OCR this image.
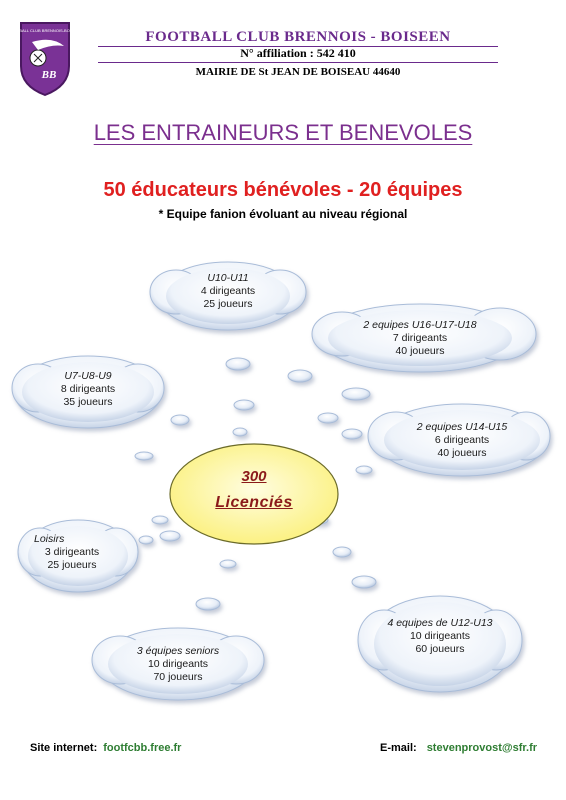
FOOTBALL CLUB BRENNOIS-BOISEEN
BB
FOOTBALL CLUB BRENNOIS - BOISEEN
N° affiliation : 542 410
MAIRIE DE St JEAN DE BOISEAU 44640
LES ENTRAINEURS ET BENEVOLES
50 éducateurs bénévoles - 20 équipes
* Equipe fanion évoluant au niveau régional
U10-U11
4 dirigeants
25 joueurs
2 equipes U16-U17-U18
7 dirigeants
40 joueurs
U7-U8-U9
8 dirigeants
35 joueurs
2 equipes U14-U15
6 dirigeants
40 joueurs
Loisirs
3 dirigeants
25 joueurs
4 equipes de U12-U13
10 dirigeants
60 joueurs
3 équipes seniors
10 dirigeants
70 joueurs
300
Licenciés
Site internet: footfcbb.free.fr	E-mail: stevenprovost@sfr.fr
